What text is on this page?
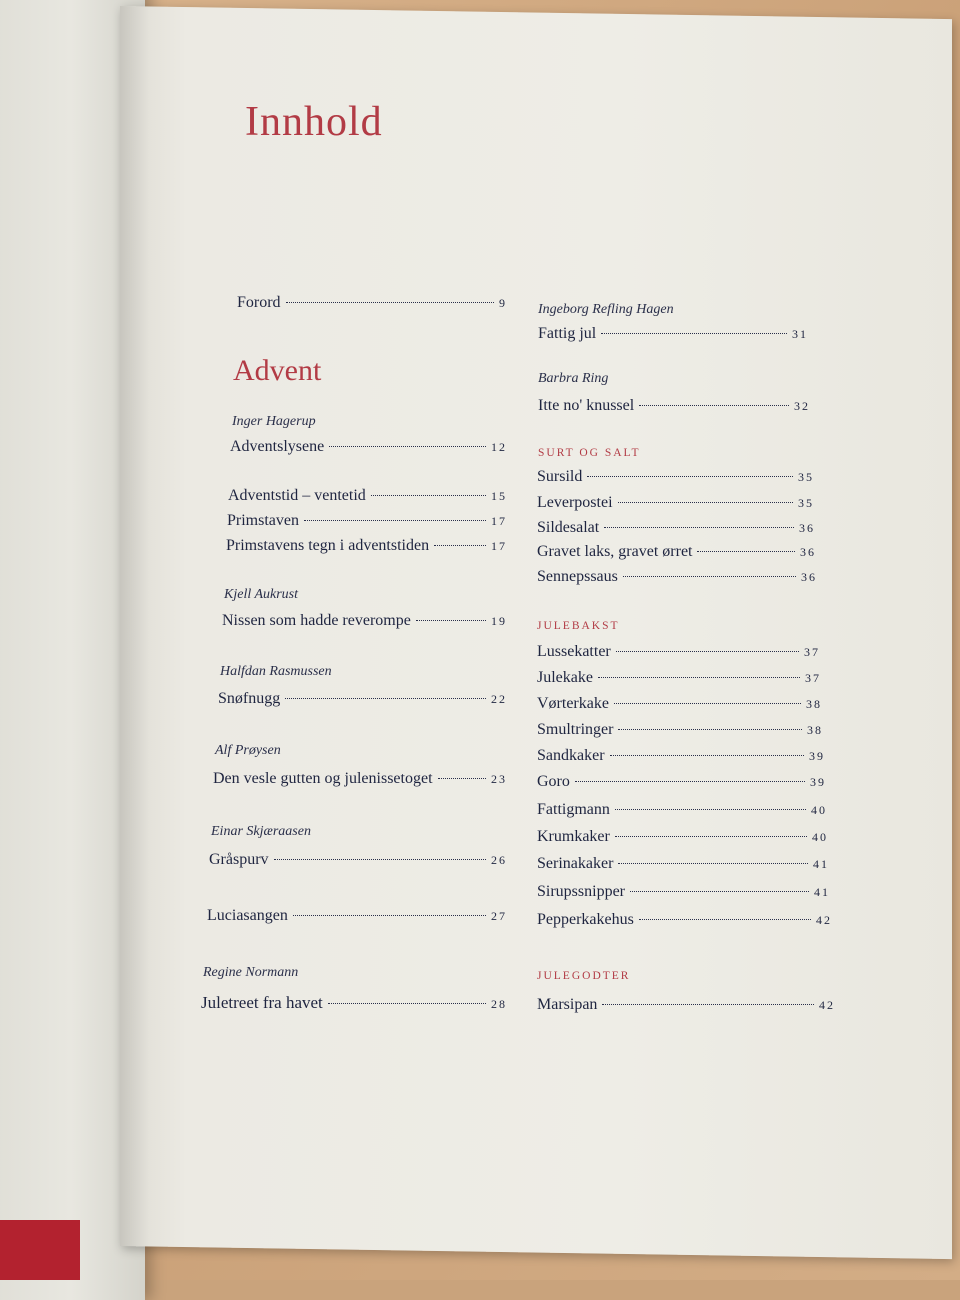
Innhold
Forord	9
Advent
Inger Hagerup
Adventslysene	12
Adventstid – ventetid	15
Primstaven	17
Primstavens tegn i adventstiden	17
Kjell Aukrust
Nissen som hadde reverompe	19
Halfdan Rasmussen
Snøfnugg	22
Alf Prøysen
Den vesle gutten og julenissetoget	23
Einar Skjæraasen
Gråspurv	26
Luciasangen	27
Regine Normann
Juletreet fra havet	28
Ingeborg Refling Hagen
Fattig jul	31
Barbra Ring
Itte no' knussel	32
SURT OG SALT
Sursild	35
Leverpostei	35
Sildesalat	36
Gravet laks, gravet ørret	36
Sennepssaus	36
JULEBAKST
Lussekatter	37
Julekake	37
Vørterkake	38
Smultringer	38
Sandkaker	39
Goro	39
Fattigmann	40
Krumkaker	40
Serinakaker	41
Sirupssnipper	41
Pepperkakehus	42
JULEGODTER
Marsipan	42
